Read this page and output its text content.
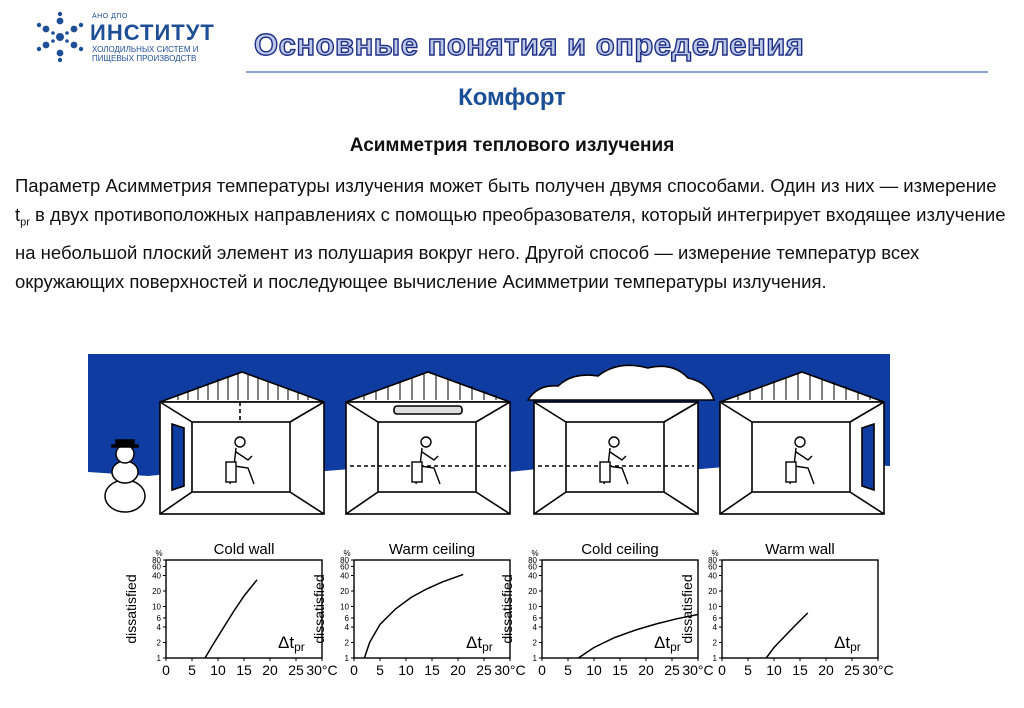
АНО ДПО
ИНСТИТУТ
ХОЛОДИЛЬНЫХ СИСТЕМ И
ПИЩЕВЫХ ПРОИЗВОДСТВ	Основные понятия и определения
Комфорт
Асимметрия теплового излучения
Параметр Асимметрия температуры излучения может быть получен двумя способами. Один из них — измерение $t_{pr}$ в двух противоположных направлениях с помощью преобразователя, который интегрирует входящее излучение на небольшой плоский элемент из полушария вокруг него. Другой способ — измерение температур всех окружающих поверхностей и последующее вычисление Асимметрии температуры излучения.
Cold wall
dissatisfied
%
1
2
4
6
10
20
40
60
80
0 5 10 15 20 25 30°C
Δtpr
Warm ceiling
dissatisfied
%
1
2
4
6
10
20
40
60
80
0 5 10 15 20 25 30°C
Δtpr
Cold ceiling
dissatisfied
%
1
2
4
6
10
20
40
60
80
0 5 10 15 20 25 30°C
Δtpr
Warm wall
dissatisfied
%
1
2
4
6
10
20
40
60
80
0 5 10 15 20 25 30°C
Δtpr
